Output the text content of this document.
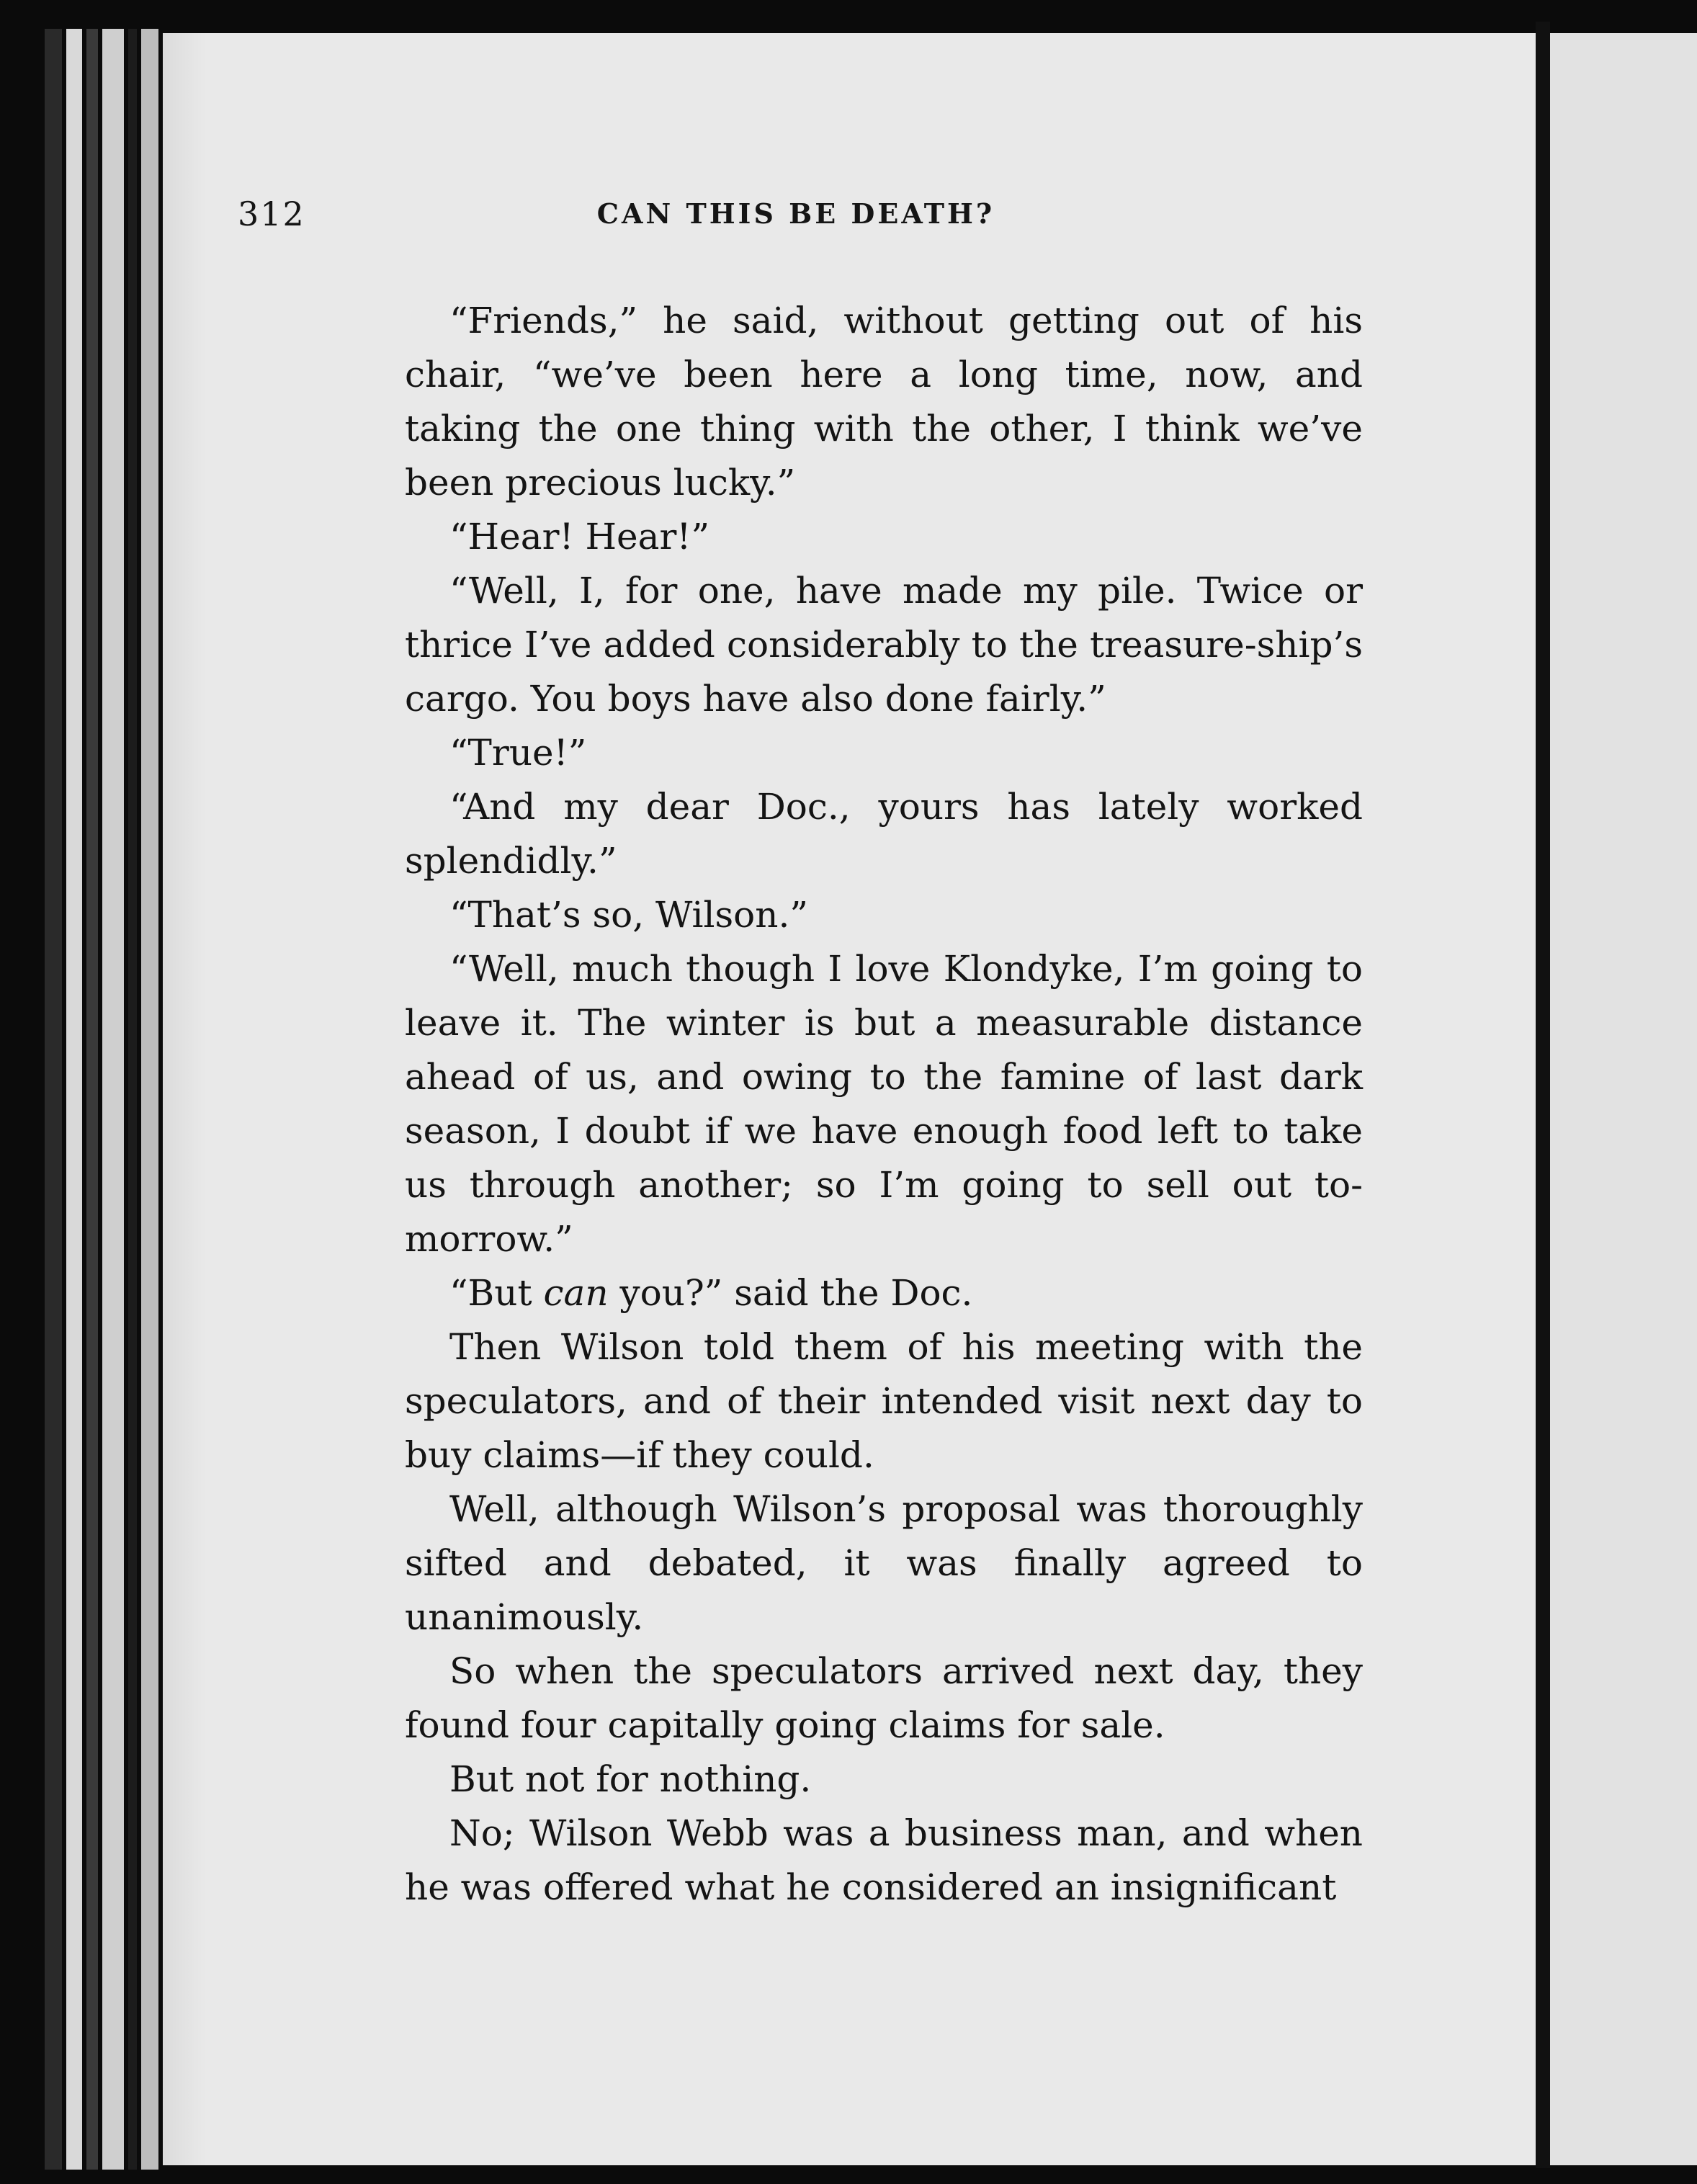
312	CAN THIS BE DEATH?

“Friends,” he said, without getting out of his chair, “we’ve been here a long time, now, and taking the one thing with the other, I think we’ve been precious lucky.”

“Hear! Hear!”

“Well, I, for one, have made my pile. Twice or thrice I’ve added considerably to the treasure-ship’s cargo. You boys have also done fairly.”

“True!”

“And my dear Doc., yours has lately worked splendidly.”

“That’s so, Wilson.”

“Well, much though I love Klondyke, I’m going to leave it. The winter is but a measurable distance ahead of us, and owing to the famine of last dark season, I doubt if we have enough food left to take us through another; so I’m going to sell out to-morrow.”

“But can you?” said the Doc.

Then Wilson told them of his meeting with the speculators, and of their intended visit next day to buy claims—if they could.

Well, although Wilson’s proposal was thoroughly sifted and debated, it was finally agreed to unanimously.

So when the speculators arrived next day, they found four capitally going claims for sale.

But not for nothing.

No; Wilson Webb was a business man, and when he was offered what he considered an insignificant
